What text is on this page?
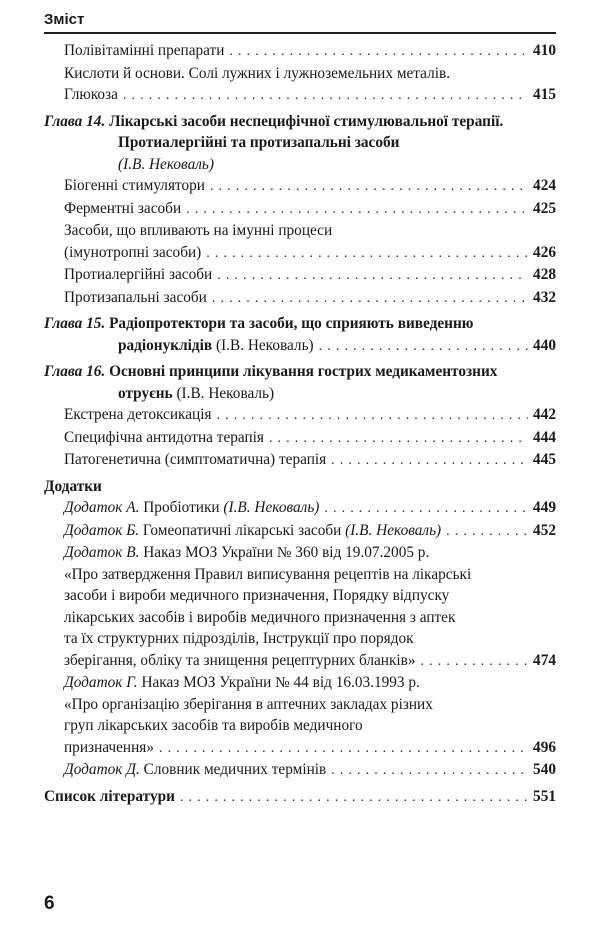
Зміст
Полівітамінні препарати . . .	410
Кислоти й основи. Солі лужних і лужноземельних металів.
Глюкоза . . .	415
Глава 14. Лікарські засоби неспецифічної стимулювальної терапії.
Протиалергійні та протизапальні засоби
(І.В. Нековаль)
Біогенні стимулятори . . .	424
Ферментні засоби . . .	425
Засоби, що впливають на імунні процеси
(імунотропні засоби) . . .	426
Протиалергійні засоби . . .	428
Протизапальні засоби . . .	432
Глава 15. Радіопротектори та засоби, що сприяють виведенню
радіонуклідів (І.В. Нековаль) . . .	440
Глава 16. Основні принципи лікування гострих медикаментозних
отруєнь (І.В. Нековаль)
Екстрена детоксикація . . .	442
Специфічна антидотна терапія . . .	444
Патогенетична (симптоматична) терапія . . .	445
Додатки
Додаток А. Пробіотики (І.В. Нековаль) . . .	449
Додаток Б. Гомеопатичні лікарські засоби (І.В. Нековаль) . . .	452
Додаток В. Наказ МОЗ України № 360 від 19.07.2005 р.
«Про затвердження Правил виписування рецептів на лікарські
засоби і вироби медичного призначення, Порядку відпуску
лікарських засобів і виробів медичного призначення з аптек
та їх структурних підрозділів, Інструкції про порядок
зберігання, обліку та знищення рецептурних бланків» . . .	474
Додаток Г. Наказ МОЗ України № 44 від 16.03.1993 р.
«Про організацію зберігання в аптечних закладах різних
груп лікарських засобів та виробів медичного
призначення» . . .	496
Додаток Д. Словник медичних термінів . . .	540
Список літератури . . .	551
6
